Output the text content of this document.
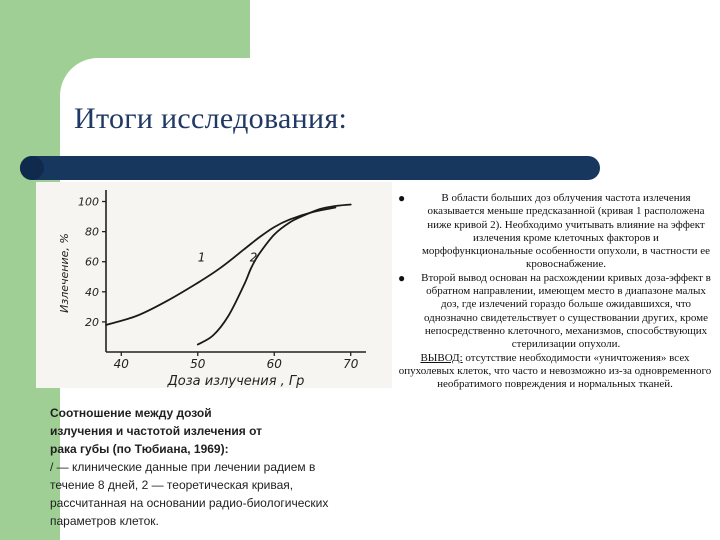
Итоги исследования:
20
40
60
80
100
40	50	60	70
Излечение, %
Доза излучения , Гр
1	2
Соотношение между дозой
излучения и частотой излечения от
рака губы (по Тюбиана, 1969):
/ — клинические данные при лечении радием в
течение 8 дней, 2 — теоретическая кривая,
рассчитанная на основании радио-биологических
параметров клеток.
●	В области больших доз облучения частота излечения оказывается меньше предсказанной (кривая 1 расположена ниже кривой 2). Необходимо учитывать влияние на эффект излечения кроме клеточных факторов и морфофункциональные особенности опухоли, в частности ее кровоснабжение.
● Второй вывод основан на расхождении кривых доза-эффект в обратном направлении, имеющем место в диапазоне малых доз, где излечений гораздо больше ожидавшихся, что однозначно свидетельствует о существовании других, кроме непосредственно клеточного, механизмов, способствующих стерилизации опухоли.
ВЫВОД: отсутствие необходимости «уничтожения» всех опухолевых клеток, что часто и невозможно из-за одновременного необратимого повреждения и нормальных тканей.
